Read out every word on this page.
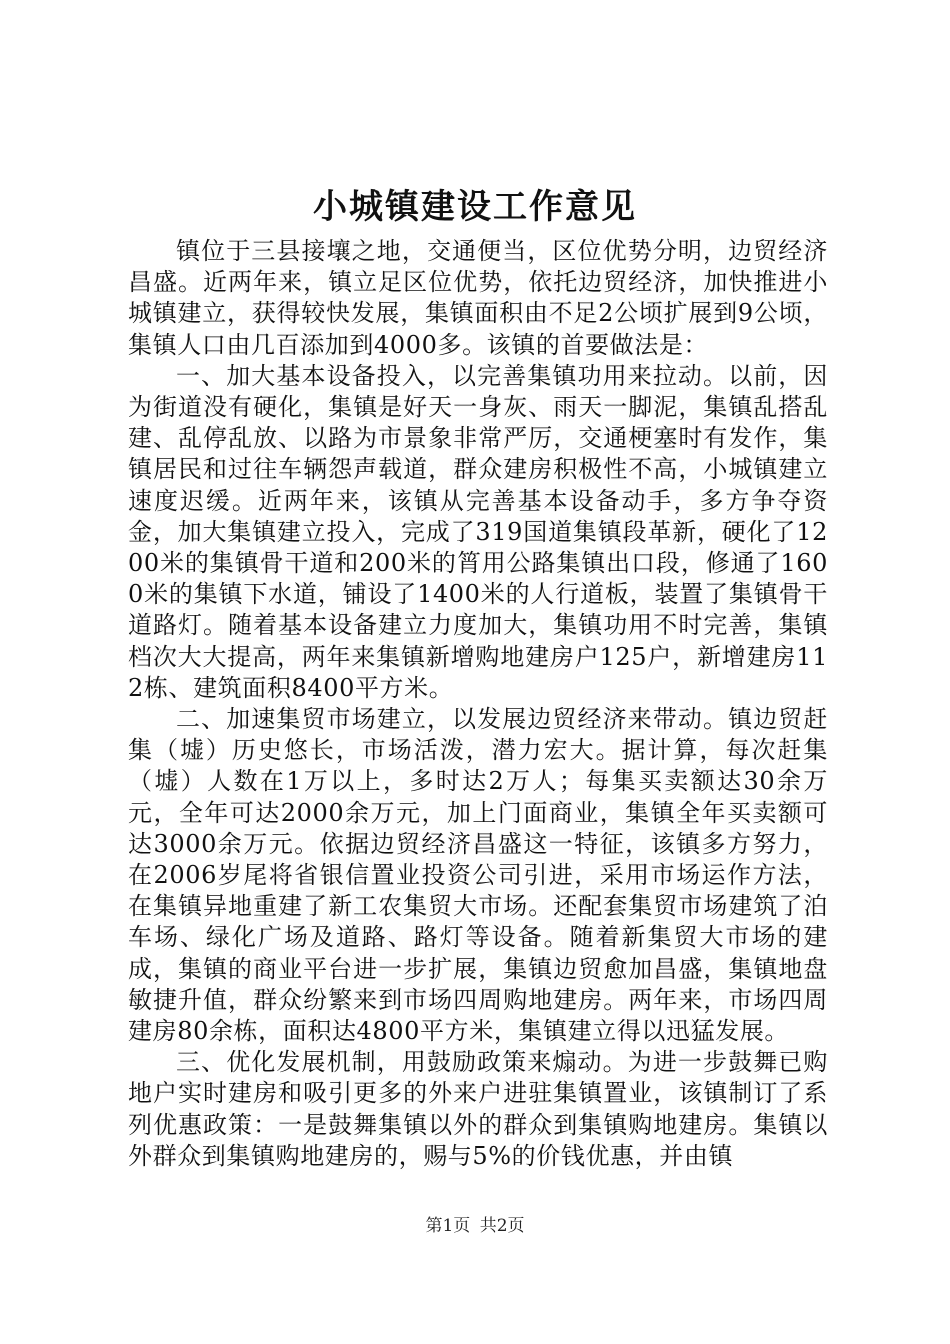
小城镇建设工作意见

镇位于三县接壤之地，交通便当，区位优势分明，边贸经济昌盛。近两年来，镇立足区位优势，依托边贸经济，加快推进小城镇建立，获得较快发展，集镇面积由不足2公顷扩展到9公顷，集镇人口由几百添加到4000多。该镇的首要做法是：

一、加大基本设备投入，以完善集镇功用来拉动。以前，因为街道没有硬化，集镇是好天一身灰、雨天一脚泥，集镇乱搭乱建、乱停乱放、以路为市景象非常严厉，交通梗塞时有发作，集镇居民和过往车辆怨声载道，群众建房积极性不高，小城镇建立速度迟缓。近两年来，该镇从完善基本设备动手，多方争夺资金，加大集镇建立投入，完成了319国道集镇段革新，硬化了1200米的集镇骨干道和200米的筲用公路集镇出口段，修通了1600米的集镇下水道，铺设了1400米的人行道板，装置了集镇骨干道路灯。随着基本设备建立力度加大，集镇功用不时完善，集镇档次大大提高，两年来集镇新增购地建房户125户，新增建房112栋、建筑面积8400平方米。

二、加速集贸市场建立，以发展边贸经济来带动。镇边贸赶集（墟）历史悠长，市场活泼，潜力宏大。据计算，每次赶集（墟）人数在1万以上，多时达2万人；每集买卖额达30余万元，全年可达2000余万元，加上门面商业，集镇全年买卖额可达3000余万元。依据边贸经济昌盛这一特征，该镇多方努力，在2006岁尾将省银信置业投资公司引进，采用市场运作方法，在集镇异地重建了新工农集贸大市场。还配套集贸市场建筑了泊车场、绿化广场及道路、路灯等设备。随着新集贸大市场的建成，集镇的商业平台进一步扩展，集镇边贸愈加昌盛，集镇地盘敏捷升值，群众纷繁来到市场四周购地建房。两年来，市场四周建房80余栋，面积达4800平方米，集镇建立得以迅猛发展。

三、优化发展机制，用鼓励政策来煽动。为进一步鼓舞已购地户实时建房和吸引更多的外来户进驻集镇置业，该镇制订了系列优惠政策：一是鼓舞集镇以外的群众到集镇购地建房。集镇以外群众到集镇购地建房的，赐与5%的价钱优惠，并由镇

第1页 共2页
